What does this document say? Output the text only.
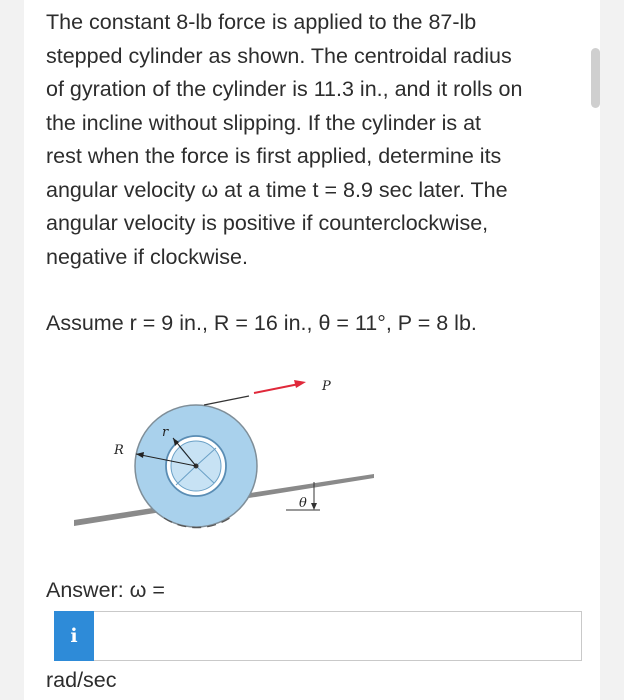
The constant 8-lb force is applied to the 87-lb
stepped cylinder as shown. The centroidal radius
of gyration of the cylinder is 11.3 in., and it rolls on
the incline without slipping. If the cylinder is at
rest when the force is first applied, determine its
angular velocity ω at a time t = 8.9 sec later. The
angular velocity is positive if counterclockwise,
negative if clockwise.

Assume r = 9 in., R = 16 in., θ = 11°, P = 8 lb.

P
R
r
θ
Answer: ω =
i
rad/sec
